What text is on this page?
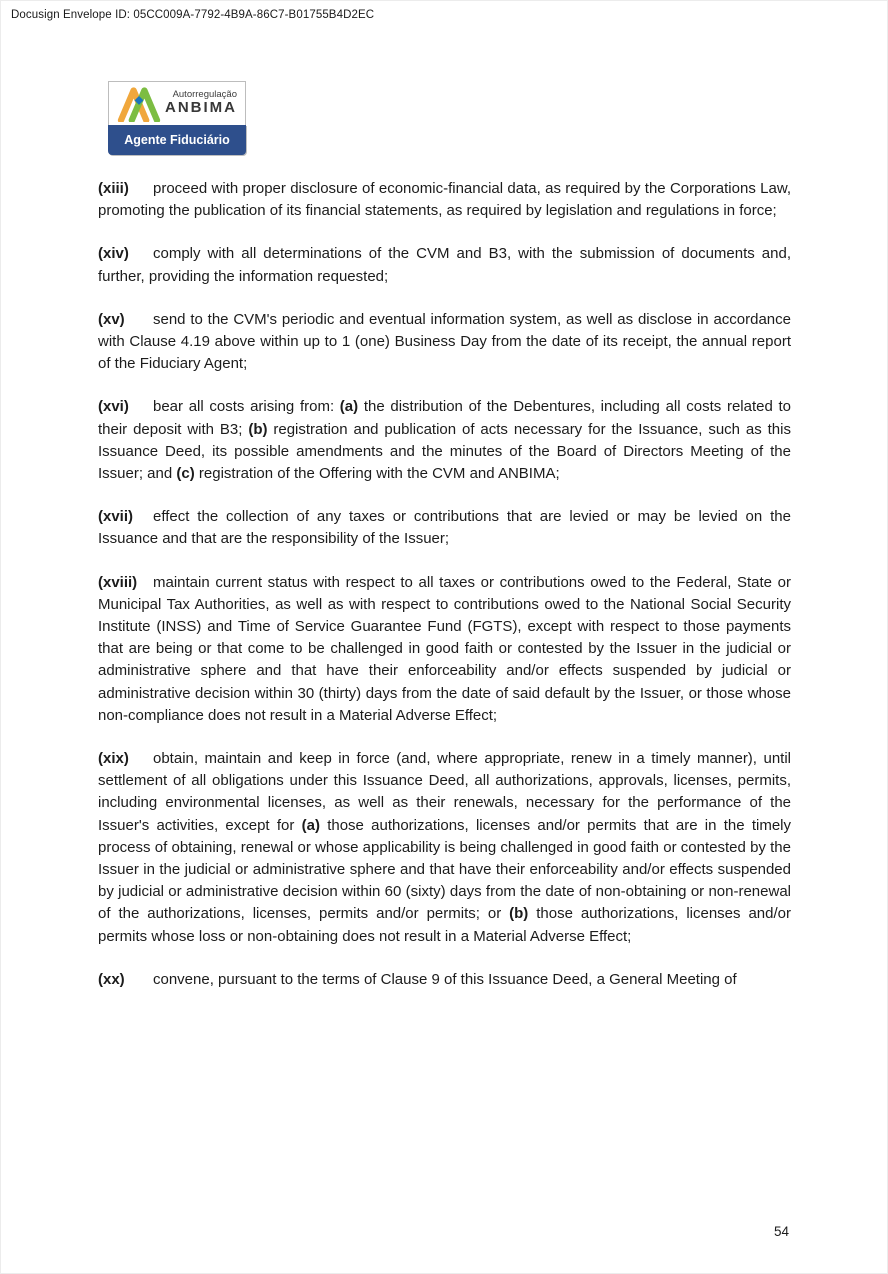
Docusign Envelope ID: 05CC009A-7792-4B9A-86C7-B01755B4D2EC
Autorregulação
ANBIMA
Agente Fiduciário

(xiii) proceed with proper disclosure of economic-financial data, as required by the Corporations Law, promoting the publication of its financial statements, as required by legislation and regulations in force;

(xiv) comply with all determinations of the CVM and B3, with the submission of documents and, further, providing the information requested;

(xv) send to the CVM's periodic and eventual information system, as well as disclose in accordance with Clause 4.19 above within up to 1 (one) Business Day from the date of its receipt, the annual report of the Fiduciary Agent;

(xvi) bear all costs arising from: (a) the distribution of the Debentures, including all costs related to their deposit with B3; (b) registration and publication of acts necessary for the Issuance, such as this Issuance Deed, its possible amendments and the minutes of the Board of Directors Meeting of the Issuer; and (c) registration of the Offering with the CVM and ANBIMA;

(xvii) effect the collection of any taxes or contributions that are levied or may be levied on the Issuance and that are the responsibility of the Issuer;

(xviii) maintain current status with respect to all taxes or contributions owed to the Federal, State or Municipal Tax Authorities, as well as with respect to contributions owed to the National Social Security Institute (INSS) and Time of Service Guarantee Fund (FGTS), except with respect to those payments that are being or that come to be challenged in good faith or contested by the Issuer in the judicial or administrative sphere and that have their enforceability and/or effects suspended by judicial or administrative decision within 30 (thirty) days from the date of said default by the Issuer, or those whose non-compliance does not result in a Material Adverse Effect;

(xix) obtain, maintain and keep in force (and, where appropriate, renew in a timely manner), until settlement of all obligations under this Issuance Deed, all authorizations, approvals, licenses, permits, including environmental licenses, as well as their renewals, necessary for the performance of the Issuer's activities, except for (a) those authorizations, licenses and/or permits that are in the timely process of obtaining, renewal or whose applicability is being challenged in good faith or contested by the Issuer in the judicial or administrative sphere and that have their enforceability and/or effects suspended by judicial or administrative decision within 60 (sixty) days from the date of non-obtaining or non-renewal of the authorizations, licenses, permits and/or permits; or (b) those authorizations, licenses and/or permits whose loss or non-obtaining does not result in a Material Adverse Effect;

(xx) convene, pursuant to the terms of Clause 9 of this Issuance Deed, a General Meeting of

54
